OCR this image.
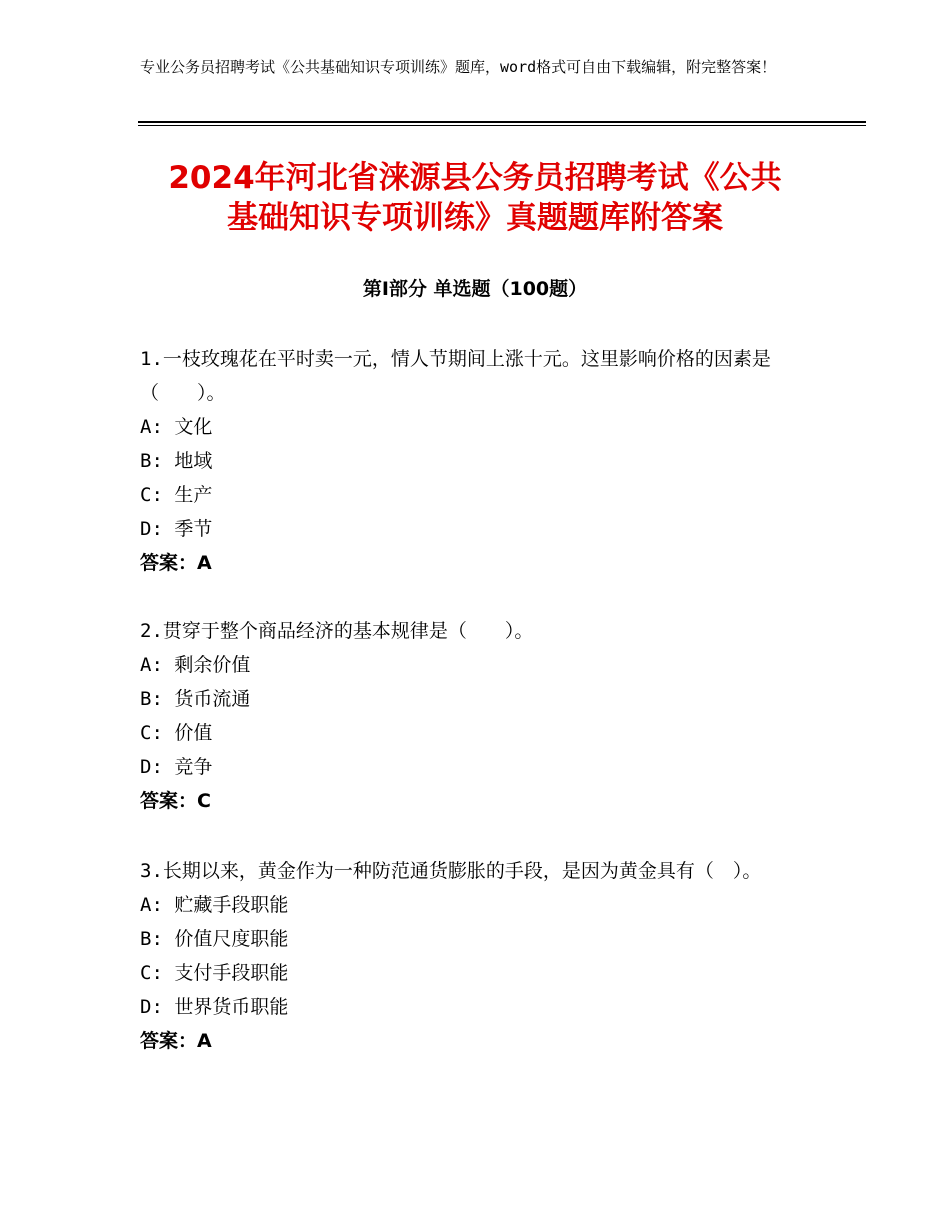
专业公务员招聘考试《公共基础知识专项训练》题库，word格式可自由下载编辑，附完整答案！
2024年河北省涞源县公务员招聘考试《公共
基础知识专项训练》真题题库附答案
第Ⅰ部分 单选题（100题）

1.一枝玫瑰花在平时卖一元，情人节期间上涨十元。这里影响价格的因素是（　　）。

A: 文化

B: 地域

C: 生产

D: 季节

答案：A

2.贯穿于整个商品经济的基本规律是（　　）。

A: 剩余价值

B: 货币流通

C: 价值

D: 竞争

答案：C

3.长期以来，黄金作为一种防范通货膨胀的手段，是因为黄金具有（　）。

A: 贮藏手段职能

B: 价值尺度职能

C: 支付手段职能

D: 世界货币职能

答案：A
